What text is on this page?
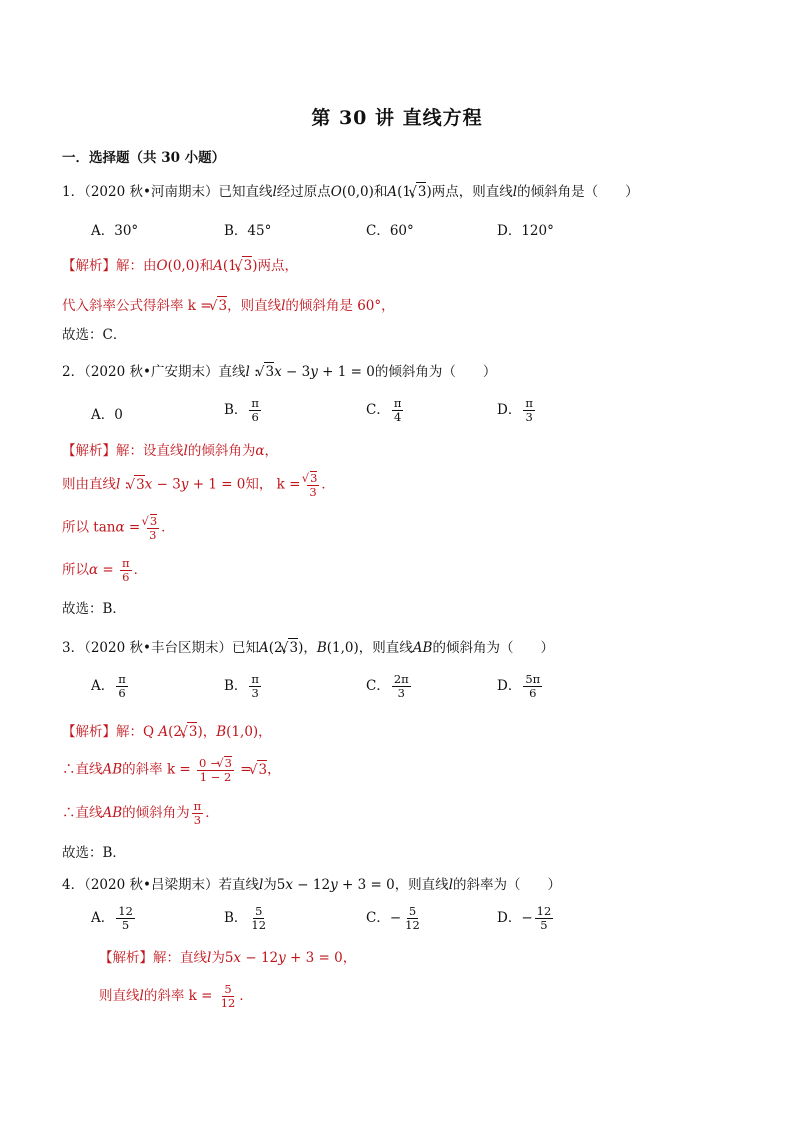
第 30 讲 直线方程
一．选择题（共 30 小题）
1．（2020 秋•河南期末）已知直线l经过原点O(0,0)和A(1, √ 3)两点，则直线l的倾斜角是（　　）
A．30°	B．45°	C．60°	D．120°
【解析】解：由O(0,0)和A(1, √ 3)两点，
代入斜率公式得斜率 k = √ 3，则直线l的倾斜角是 60°，
故选：C．
2．（2020 秋•广安期末）直线l : √ 3x − 3y + 1 = 0的倾斜角为（　　）
A．0	B． $\frac{\pi}{6}$	C． $\frac{\pi}{4}$	D． $\frac{\pi}{3}$
【解析】解：设直线l的倾斜角为α，
则由直线l : √ 3x − 3y + 1 = 0知， k = √ $\frac{3}{3}$ ．
所以 tanα = √ $\frac{3}{3}$ ．
所以$\alpha = \frac{\pi}{6}$ ．
故选：B．
3．（2020 秋•丰台区期末）已知A(2, √ 3)，B(1,0)，则直线AB的倾斜角为（　　）
A． $\frac{\pi}{6}$	B． $\frac{\pi}{3}$	C． $\frac{2\pi}{3}$	D． $\frac{5\pi}{6}$
【解析】解：Q A(2, √ 3)，B(1,0)，
∴直线AB的斜率 $k = \frac{0 - √ 3}{1 - 2}$ = √ 3，
∴直线AB的倾斜角为 $\frac{\pi}{3}$ ．
故选：B．
4．（2020 秋•吕梁期末）若直线l为5x − 12y + 3 = 0，则直线l的斜率为（　　）
A． $\frac{12}{5}$	B． $\frac{5}{12}$	C．− $\frac{5}{12}$	D．− $\frac{12}{5}$
【解析】解：直线l为5x − 12y + 3 = 0，
则直线l的斜率 $k = \frac{5}{12}$ ．
